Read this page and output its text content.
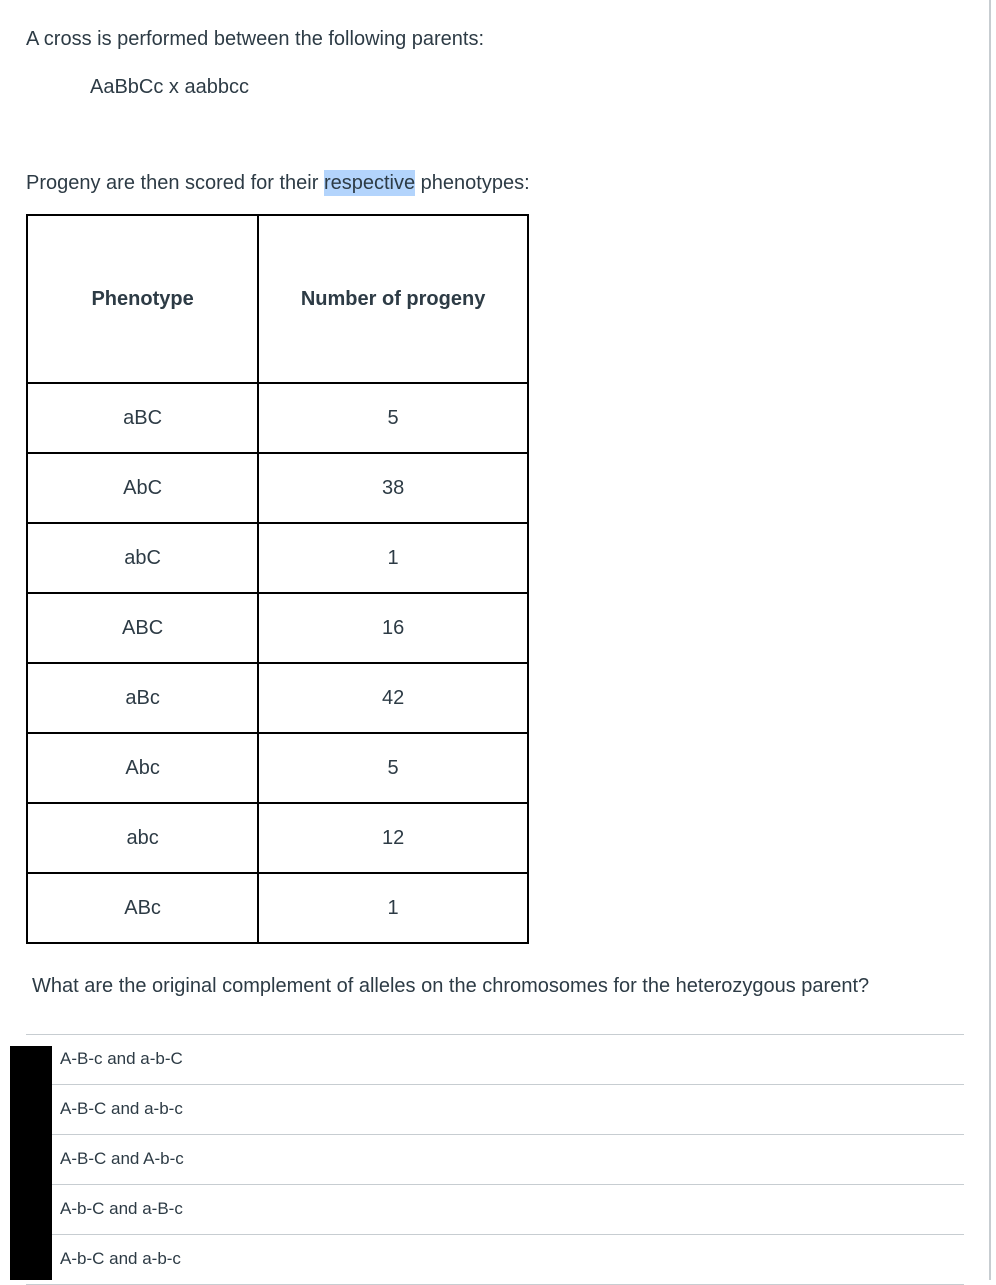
A cross is performed between the following parents:

AaBbCc x aabbcc

Progeny are then scored for their respective phenotypes:

Phenotype	Number of progeny
aBC	5
AbC	38
abC	1
ABC	16
aBc	42
Abc	5
abc	12
ABc	1

What are the original complement of alleles on the chromosomes for the heterozygous parent?

A-B-c and a-b-C
A-B-C and a-b-c
A-B-C and A-b-c
A-b-C and a-B-c
A-b-C and a-b-c
